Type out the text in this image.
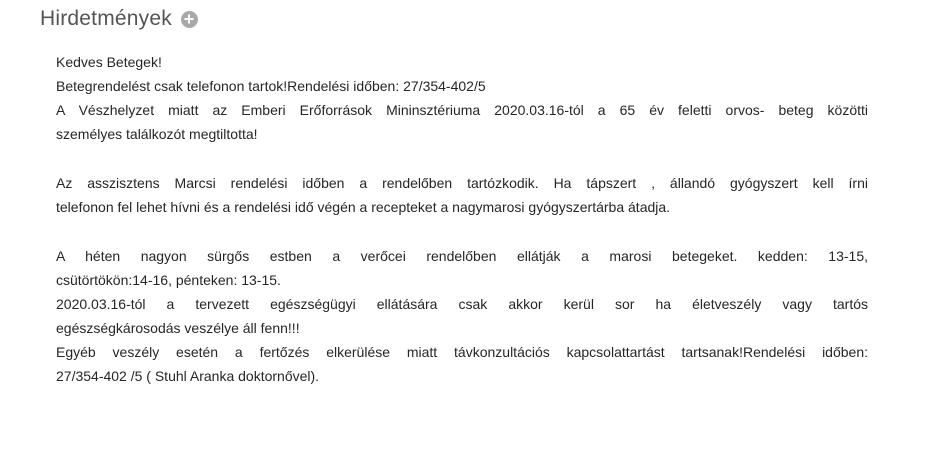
Hirdetmények

Kedves Betegek!

Betegrendelést csak telefonon tartok!Rendelési időben: 27/354-402/5

A Vészhelyzet miatt az Emberi Erőforrások Mininsztériuma 2020.03.16-tól a 65 év feletti orvos- beteg közötti

személyes találkozót megtiltotta!

Az asszisztens Marcsi rendelési időben a rendelőben tartózkodik. Ha tápszert , állandó gyógyszert kell írni

telefonon fel lehet hívni és a rendelési idő végén a recepteket a nagymarosi gyógyszertárba átadja.

A héten nagyon sürgős estben a verőcei rendelőben ellátják a marosi betegeket. kedden: 13-15,

csütörtökön:14-16, pénteken: 13-15.

2020.03.16-tól a tervezett egészségügyi ellátására csak akkor kerül sor ha életveszély vagy tartós

egészségkárosodás veszélye áll fenn!!!

Egyéb veszély esetén a fertőzés elkerülése miatt távkonzultációs kapcsolattartást tartsanak!Rendelési időben:

27/354-402 /5 ( Stuhl Aranka doktornővel).
